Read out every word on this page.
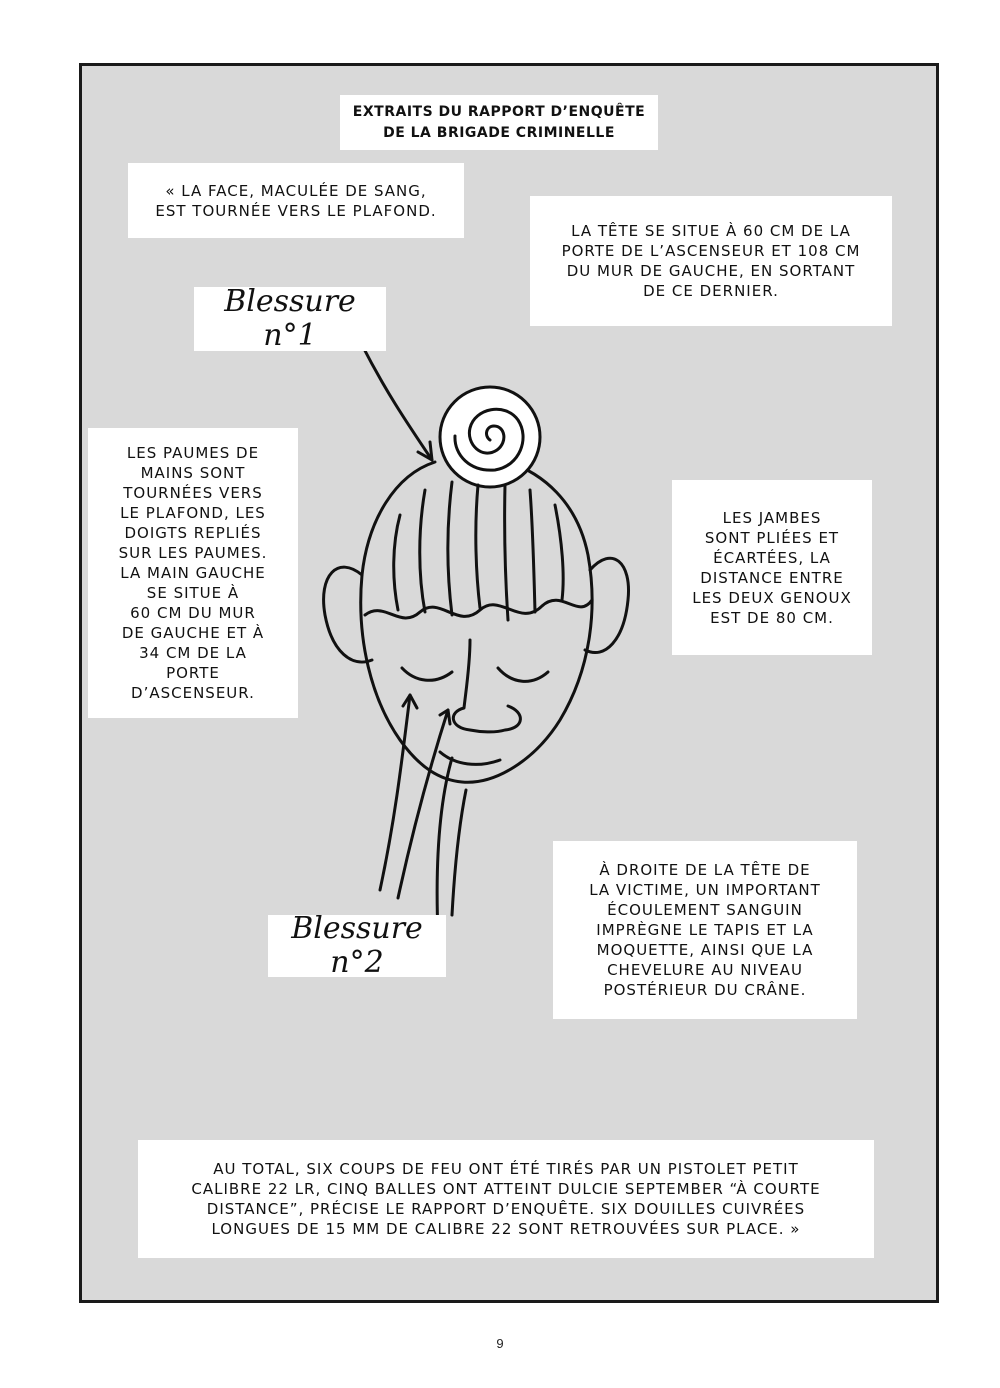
EXTRAITS DU RAPPORT D’ENQUÊTE
DE LA BRIGADE CRIMINELLE
« LA FACE, MACULÉE DE SANG,
EST TOURNÉE VERS LE PLAFOND.
LA TÊTE SE SITUE À 60 CM DE LA
PORTE DE L’ASCENSEUR ET 108 CM
DU MUR DE GAUCHE, EN SORTANT
DE CE DERNIER.
Blessure n°1
LES PAUMES DE
MAINS SONT
TOURNÉES VERS
LE PLAFOND, LES
DOIGTS REPLIÉS
SUR LES PAUMES.
LA MAIN GAUCHE
SE SITUE À
60 CM DU MUR
DE GAUCHE ET À
34 CM DE LA
PORTE
D’ASCENSEUR.
LES JAMBES
SONT PLIÉES ET
ÉCARTÉES, LA
DISTANCE ENTRE
LES DEUX GENOUX
EST DE 80 CM.
À DROITE DE LA TÊTE DE
LA VICTIME, UN IMPORTANT
ÉCOULEMENT SANGUIN
IMPRÈGNE LE TAPIS ET LA
MOQUETTE, AINSI QUE LA
CHEVELURE AU NIVEAU
POSTÉRIEUR DU CRÂNE.
Blessure n°2
AU TOTAL, SIX COUPS DE FEU ONT ÉTÉ TIRÉS PAR UN PISTOLET PETIT
CALIBRE 22 LR, CINQ BALLES ONT ATTEINT DULCIE SEPTEMBER “À COURTE
DISTANCE”, PRÉCISE LE RAPPORT D’ENQUÊTE. SIX DOUILLES CUIVRÉES
LONGUES DE 15 MM DE CALIBRE 22 SONT RETROUVÉES SUR PLACE. »
9
